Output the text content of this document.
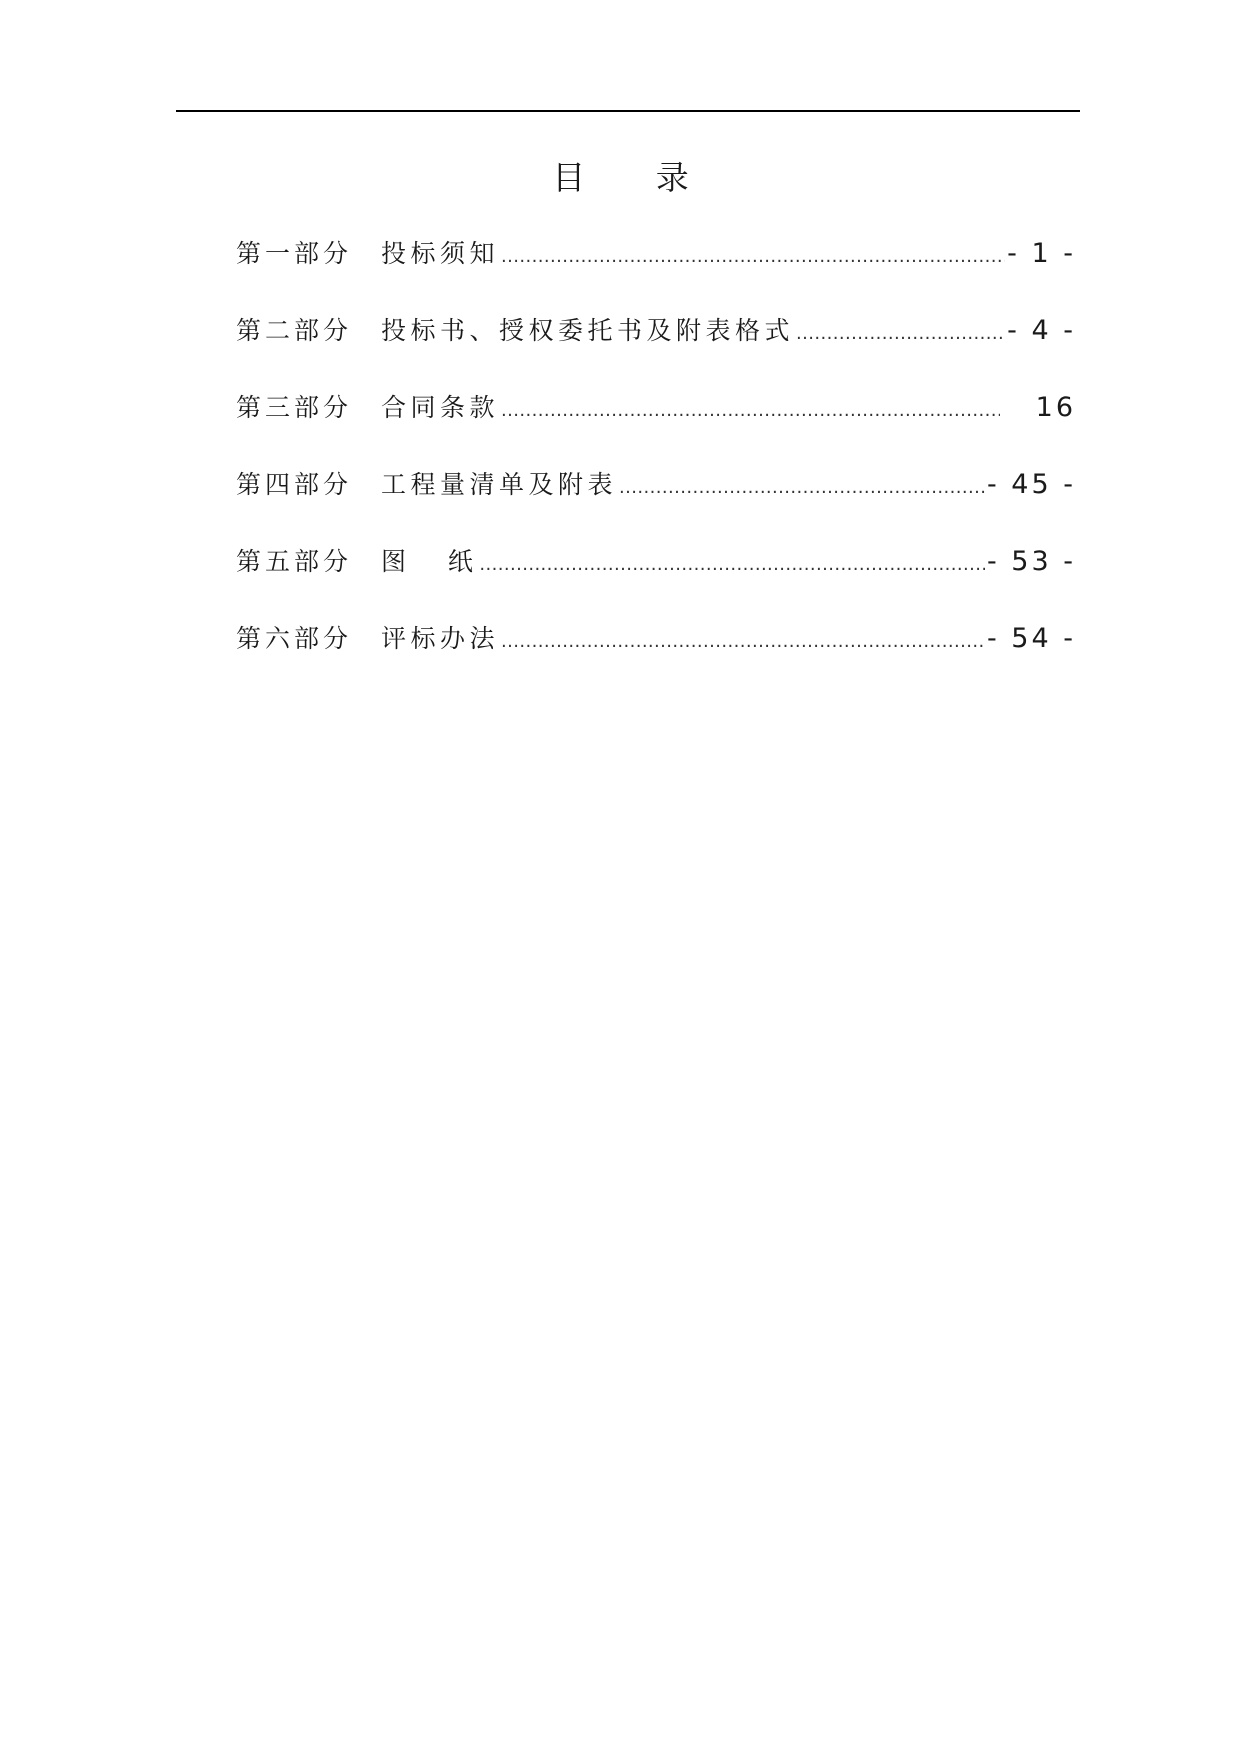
目 录
第一部分	投标须知 .....	- 1 -
第二部分	投标书、授权委托书及附表格式 .....	- 4 -
第三部分	合同条款 .....	16
第四部分	工程量清单及附表 .....	- 45 -
第五部分	图   纸 .....	- 53 -
第六部分	评标办法 .....	- 54 -
